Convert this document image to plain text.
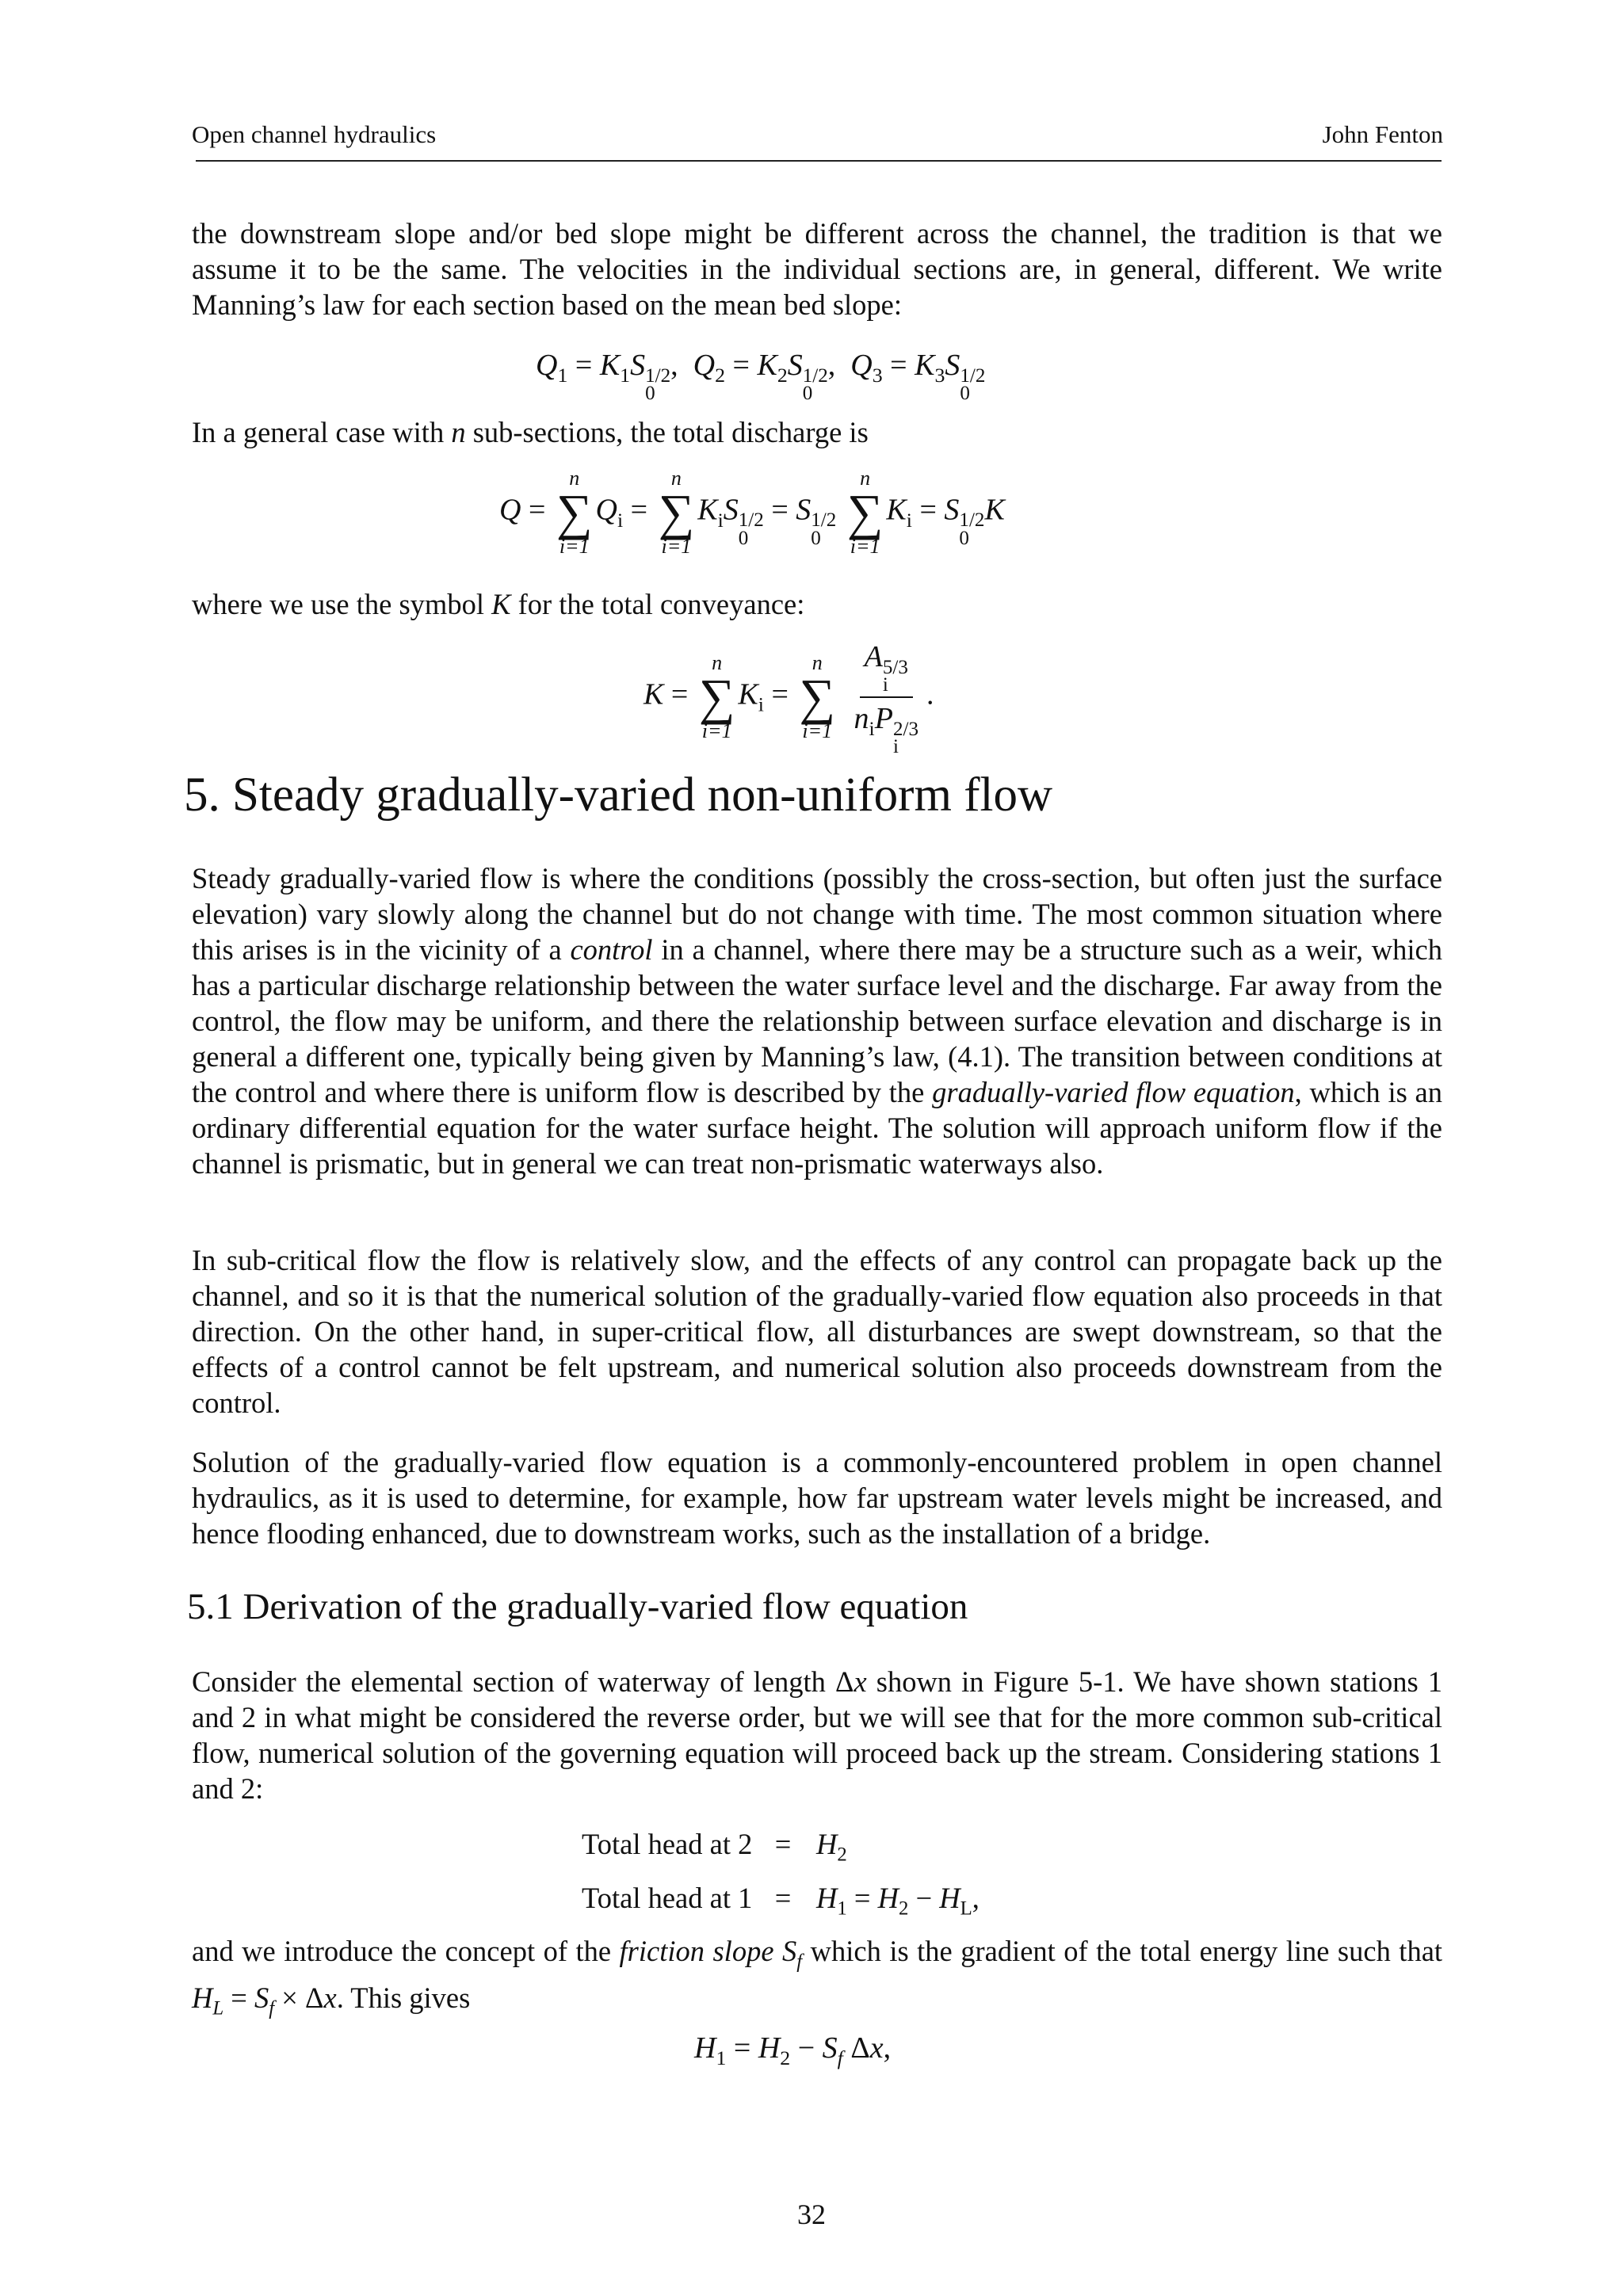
Open channel hydraulics	John Fenton

the downstream slope and/or bed slope might be different across the channel, the tradition is that we assume it to be the same. The velocities in the individual sections are, in general, different. We write Manning’s law for each section based on the mean bed slope:

$Q_1 = K_1S$ 1/2
0
,  $Q_2 = K_2S$ 1/2
0
,  $Q_3 = K_3S$ 1/2
0

In a general case with n sub-sections, the total discharge is

Q =
n
∑
i=1
$Q_i$ =
n
∑
i=1
$K_iS$ 1/2
0
= S 1/2
0

n
∑
i=1
$K_i = S$ 1/2
0
K

where we use the symbol K for the total conveyance:

K =
n
∑
i=1
$K_i$ =
n
∑
i=1
A 5/3
i
$n_iP$ 2/3
i .
5. Steady gradually-varied non-uniform flow

Steady gradually-varied flow is where the conditions (possibly the cross-section, but often just the surface elevation) vary slowly along the channel but do not change with time. The most common situation where this arises is in the vicinity of a control in a channel, where there may be a structure such as a weir, which has a particular discharge relationship between the water surface level and the discharge. Far away from the control, the flow may be uniform, and there the relationship between surface elevation and discharge is in general a different one, typically being given by Manning’s law, (4.1). The transition between conditions at the control and where there is uniform flow is described by the gradually-varied flow equation, which is an ordinary differential equation for the water surface height. The solution will approach uniform flow if the channel is prismatic, but in general we can treat non-prismatic waterways also.

In sub-critical flow the flow is relatively slow, and the effects of any control can propagate back up the channel, and so it is that the numerical solution of the gradually-varied flow equation also proceeds in that direction. On the other hand, in super-critical flow, all disturbances are swept downstream, so that the effects of a control cannot be felt upstream, and numerical solution also proceeds downstream from the control.

Solution of the gradually-varied flow equation is a commonly-encountered problem in open channel hydraulics, as it is used to determine, for example, how far upstream water levels might be increased, and hence flooding enhanced, due to downstream works, such as the installation of a bridge.

5.1 Derivation of the gradually-varied flow equation

Consider the elemental section of waterway of length Δx shown in Figure 5-1. We have shown stations 1 and 2 in what might be considered the reverse order, but we will see that for the more common sub-critical flow, numerical solution of the governing equation will proceed back up the stream. Considering stations 1 and 2:

Total head at $2 = H_2$
Total head at $1 = H_1 = H_2 - H_L$,

and we introduce the concept of the friction slope $S_f$ which is the gradient of the total energy line such that $H_L = S_f \times \Delta x$. This gives

$H_1 = H_2 - S_f$ Δx,
32
